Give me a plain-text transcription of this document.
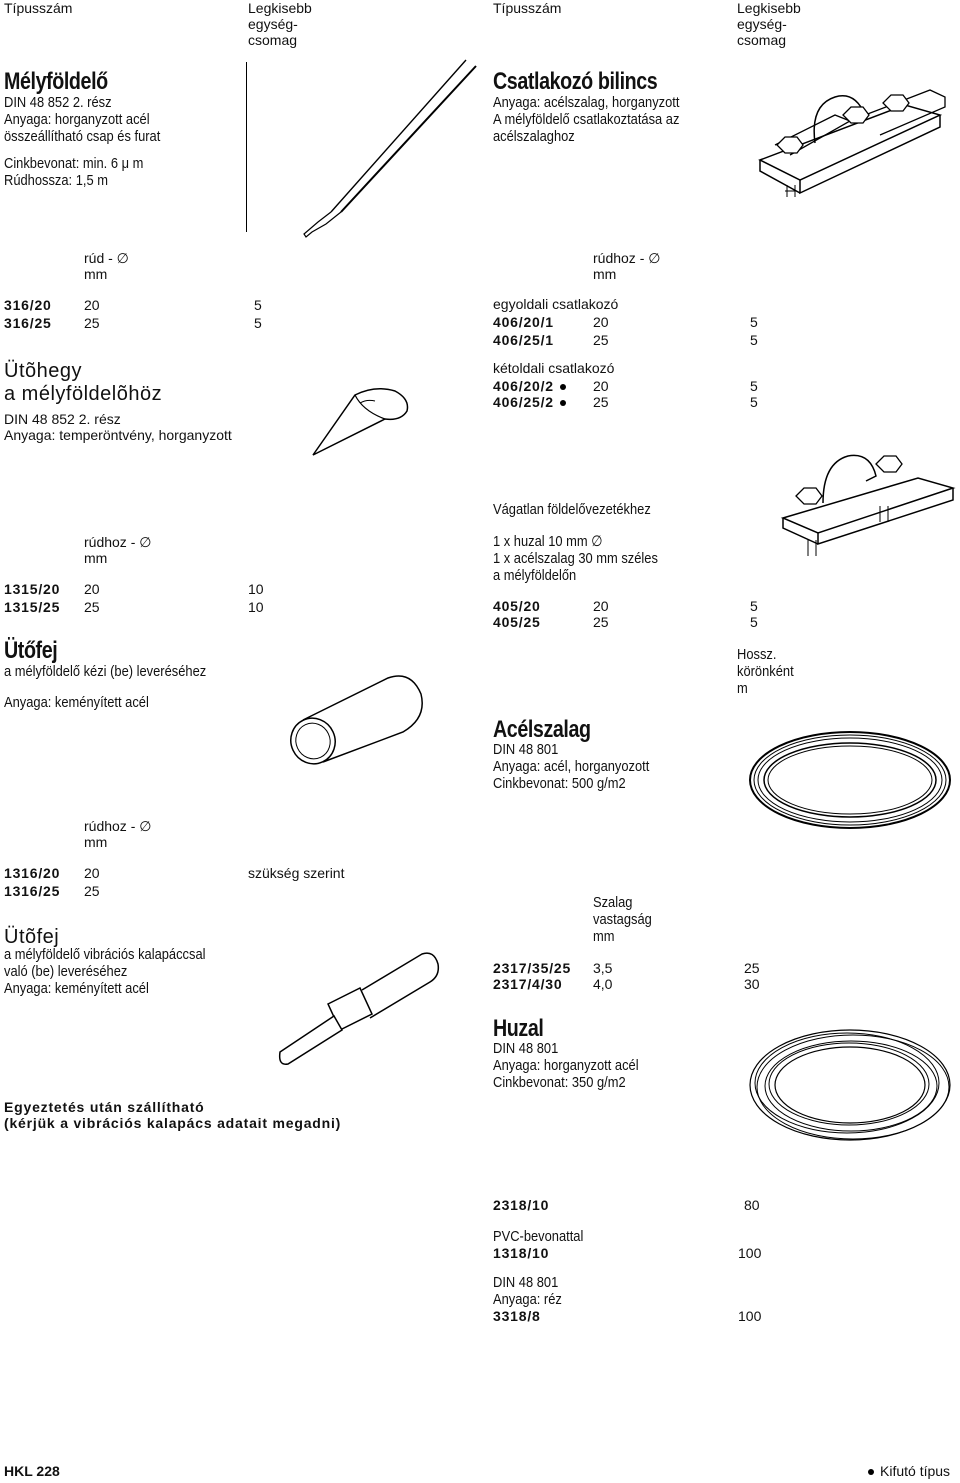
Típusszám	Legkisebb
egység-
csomag
Típusszám	Legkisebb
egység-
csomag
Mélyföldelő
DIN 48 852 2. rész
Anyaga: horganyzott acél
összeállítható csap és furat
Cinkbevonat: min. 6 μ m
Rúdhossza: 1,5 m
rúd - ∅
mm
316/20 20	5
316/25 25	5
Ütõhegy
a mélyföldelõhöz
DIN 48 852 2. rész
Anyaga: temperöntvény, horganyzott
rúdhoz - ∅
mm
1315/20 20	10
1315/25 25	10
Ütőfej
a mélyföldelő kézi (be) leveréséhez
Anyaga: keményített acél
rúdhoz - ∅
mm
1316/20 20	szükség szerint
1316/25 25
Ütõfej
a mélyföldelő vibrációs kalapáccsal
való (be) leveréséhez
Anyaga: keményített acél
Egyeztetés után szállítható
(kérjük a vibrációs kalapács adatait megadni)
Csatlakozó bilincs
Anyaga: acélszalag, horganyzott
A mélyföldelő csatlakoztatása az
acélszalaghoz
rúdhoz - ∅
mm
egyoldali csatlakozó
406/20/1	20	5
406/25/1	25	5
kétoldali csatlakozó
406/20/2	20	5
406/25/2	25	5
Vágatlan földelővezetékhez
1 x huzal 10 mm ∅
1 x acélszalag 30 mm széles
a mélyföldelőn
405/20	20	5
405/25	25	5
Hossz.
körönként
m
Acélszalag
DIN 48 801
Anyaga: acél, horganyozott
Cinkbevonat: 500 g/m2
Szalag
vastagság
mm
2317/35/25 3,5	25
2317/4/30 4,0	30
Huzal
DIN 48 801
Anyaga: horganyzott acél
Cinkbevonat: 350 g/m2
2318/10	80
PVC-bevonattal
1318/10	100
DIN 48 801
Anyaga: réz
3318/8	100
HKL 228	Kifutó típus
